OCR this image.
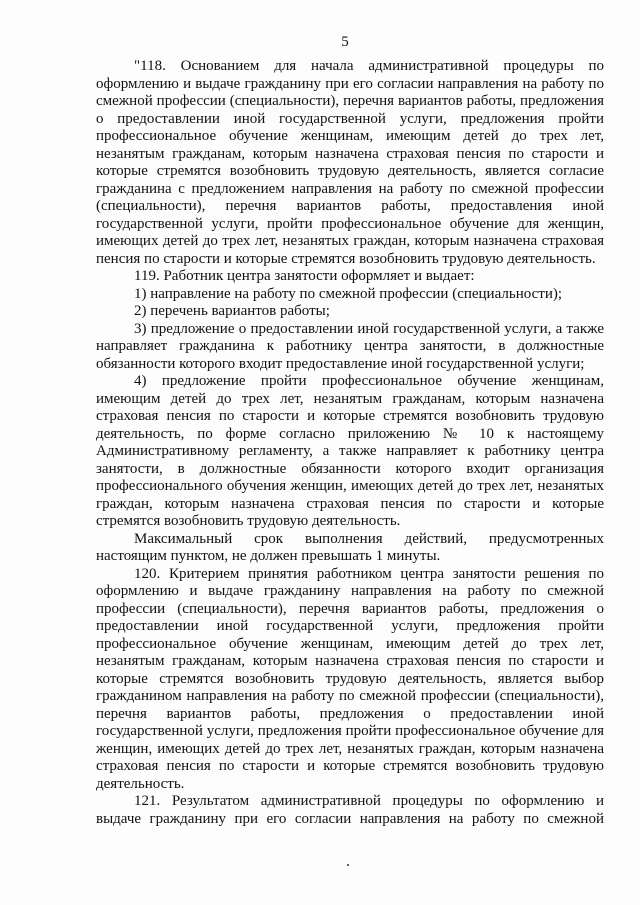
5

"118. Основанием для начала административной процедуры по оформлению и выдаче гражданину при его согласии направления на работу по смежной профессии (специальности), перечня вариантов работы, предложения о предоставлении иной государственной услуги, предложения пройти профессиональное обучение женщинам, имеющим детей до трех лет, незанятым гражданам, которым назначена страховая пенсия по старости и которые стремятся возобновить трудовую деятельность, является согласие гражданина с предложением направления на работу по смежной профессии (специальности), перечня вариантов работы, предоставления иной государственной услуги, пройти профессиональное обучение для женщин, имеющих детей до трех лет, незанятых граждан, которым назначена страховая пенсия по старости и которые стремятся возобновить трудовую деятельность.

119. Работник центра занятости оформляет и выдает:

1) направление на работу по смежной профессии (специальности);

2) перечень вариантов работы;

3) предложение о предоставлении иной государственной услуги, а также направляет гражданина к работнику центра занятости, в должностные обязанности которого входит предоставление иной государственной услуги;

4) предложение пройти профессиональное обучение женщинам, имеющим детей до трех лет, незанятым гражданам, которым назначена страховая пенсия по старости и которые стремятся возобновить трудовую деятельность, по форме согласно приложению № 10 к настоящему Административному регламенту, а также направляет к работнику центра занятости, в должностные обязанности которого входит организация профессионального обучения женщин, имеющих детей до трех лет, незанятых граждан, которым назначена страховая пенсия по старости и которые стремятся возобновить трудовую деятельность.

Максимальный срок выполнения действий, предусмотренных настоящим пунктом, не должен превышать 1 минуты.

120. Критерием принятия работником центра занятости решения по оформлению и выдаче гражданину направления на работу по смежной профессии (специальности), перечня вариантов работы, предложения о предоставлении иной государственной услуги, предложения пройти профессиональное обучение женщинам, имеющим детей до трех лет, незанятым гражданам, которым назначена страховая пенсия по старости и которые стремятся возобновить трудовую деятельность, является выбор гражданином направления на работу по смежной профессии (специальности), перечня вариантов работы, предложения о предоставлении иной государственной услуги, предложения пройти профессиональное обучение для женщин, имеющих детей до трех лет, незанятых граждан, которым назначена страховая пенсия по старости и которые стремятся возобновить трудовую деятельность.

121. Результатом административной процедуры по оформлению и выдаче гражданину при его согласии направления на работу по смежной
